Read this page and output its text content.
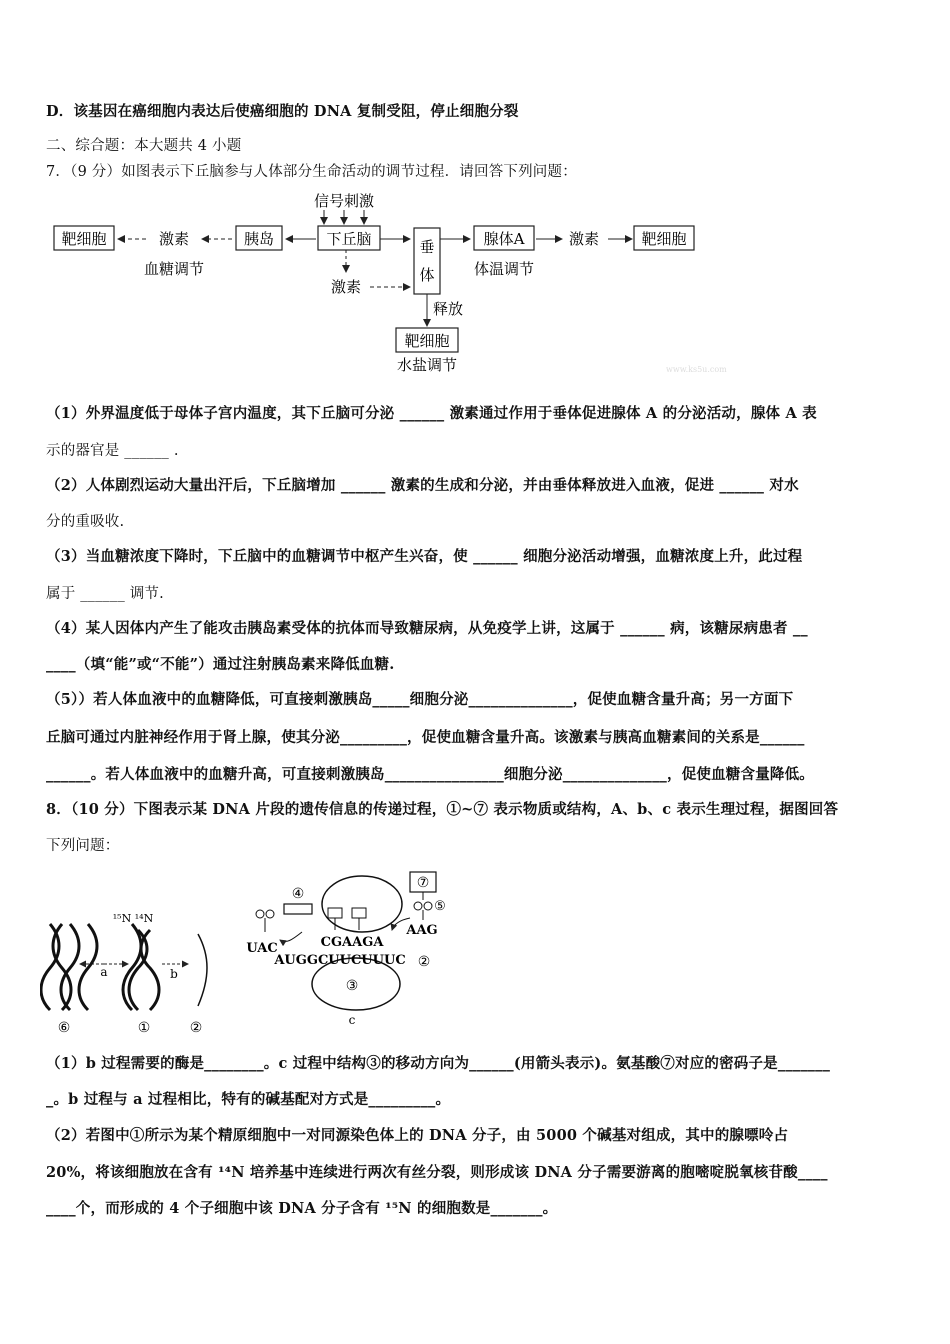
D．该基因在癌细胞内表达后使癌细胞的 DNA 复制受阻，停止细胞分裂
二、综合题：本大题共 4 小题
7．（9 分）如图表示下丘脑参与人体部分生命活动的调节过程．请回答下列问题：
靶细胞	激素	胰岛
血糖调节
信号刺激
下丘脑
激素
垂
体
释放
腺体A
体温调节
激素	靶细胞
靶细胞
水盐调节	www.ks5u.com
（1）外界温度低于母体子宫内温度，其下丘脑可分泌 ______ 激素通过作用于垂体促进腺体 A 的分泌活动，腺体 A 表
示的器官是 ______ .
（2）人体剧烈运动大量出汗后，下丘脑增加 ______ 激素的生成和分泌，并由垂体释放进入血液，促进 ______ 对水
分的重吸收.
（3）当血糖浓度下降时，下丘脑中的血糖调节中枢产生兴奋，使 ______ 细胞分泌活动增强，血糖浓度上升，此过程
属于 ______ 调节.
（4）某人因体内产生了能攻击胰岛素受体的抗体而导致糖尿病，从免疫学上讲，这属于 ______ 病，该糖尿病患者 __
____（填“能”或“不能”）通过注射胰岛素来降低血糖.
（5））若人体血液中的血糖降低，可直接刺激胰岛_____细胞分泌______________，促使血糖含量升高；另一方面下
丘脑可通过内脏神经作用于肾上腺，使其分泌_________，促使血糖含量升高。该激素与胰高血糖素间的关系是______
______。若人体血液中的血糖升高，可直接刺激胰岛________________细胞分泌______________，促使血糖含量降低。
8．（10 分）下图表示某 DNA 片段的遗传信息的传递过程，①~⑦ 表示物质或结构，A、b、c 表示生理过程，据图回答
下列问题：
a
¹⁵N ¹⁴N
b
①	②
⑥
③
c
④
UAC	CGAAGA
AUGGCUUCUUUC ②
⑦
⑤
AAG
（1）b 过程需要的酶是________。c 过程中结构③的移动方向为______(用箭头表示)。氨基酸⑦对应的密码子是_______
_。b 过程与 a 过程相比，特有的碱基配对方式是_________。
（2）若图中①所示为某个精原细胞中一对同源染色体上的 DNA 分子，由 5000 个碱基对组成，其中的腺嘌呤占
20%，将该细胞放在含有 ¹⁴N 培养基中连续进行两次有丝分裂，则形成该 DNA 分子需要游离的胞嘧啶脱氧核苷酸____
____个，而形成的 4 个子细胞中该 DNA 分子含有 ¹⁵N 的细胞数是_______。
